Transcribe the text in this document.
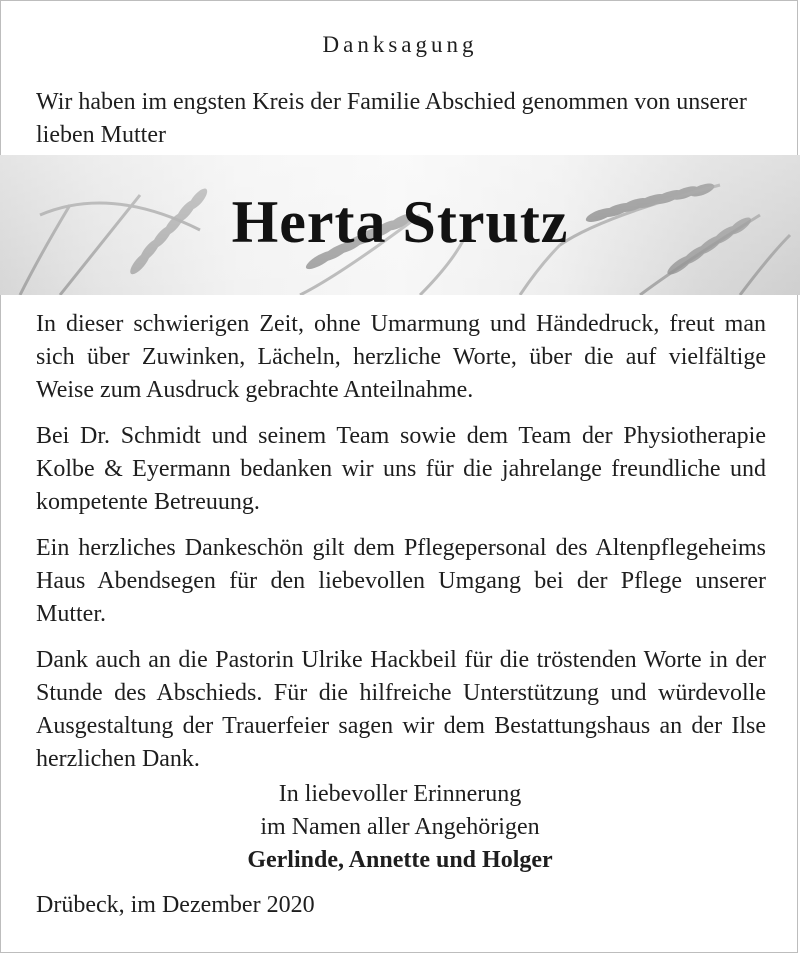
Danksagung
Wir haben im engsten Kreis der Familie Abschied genommen von unserer lieben Mutter
Herta Strutz

In dieser schwierigen Zeit, ohne Umarmung und Händedruck, freut man sich über Zuwinken, Lächeln, herzliche Worte, über die auf vielfältige Weise zum Ausdruck gebrachte Anteilnahme.

Bei Dr. Schmidt und seinem Team sowie dem Team der Physiotherapie Kolbe & Eyermann bedanken wir uns für die jahrelange freundliche und kompetente Betreuung.

Ein herzliches Dankeschön gilt dem Pflegepersonal des Altenpflegeheims Haus Abendsegen für den liebevollen Umgang bei der Pflege unserer Mutter.

Dank auch an die Pastorin Ulrike Hackbeil für die tröstenden Worte in der Stunde des Abschieds. Für die hilfreiche Unterstützung und würdevolle Ausgestaltung der Trauerfeier sagen wir dem Bestattungshaus an der Ilse herzlichen Dank.

In liebevoller Erinnerung
im Namen aller Angehörigen
Gerlinde, Annette und Holger
Drübeck, im Dezember 2020
